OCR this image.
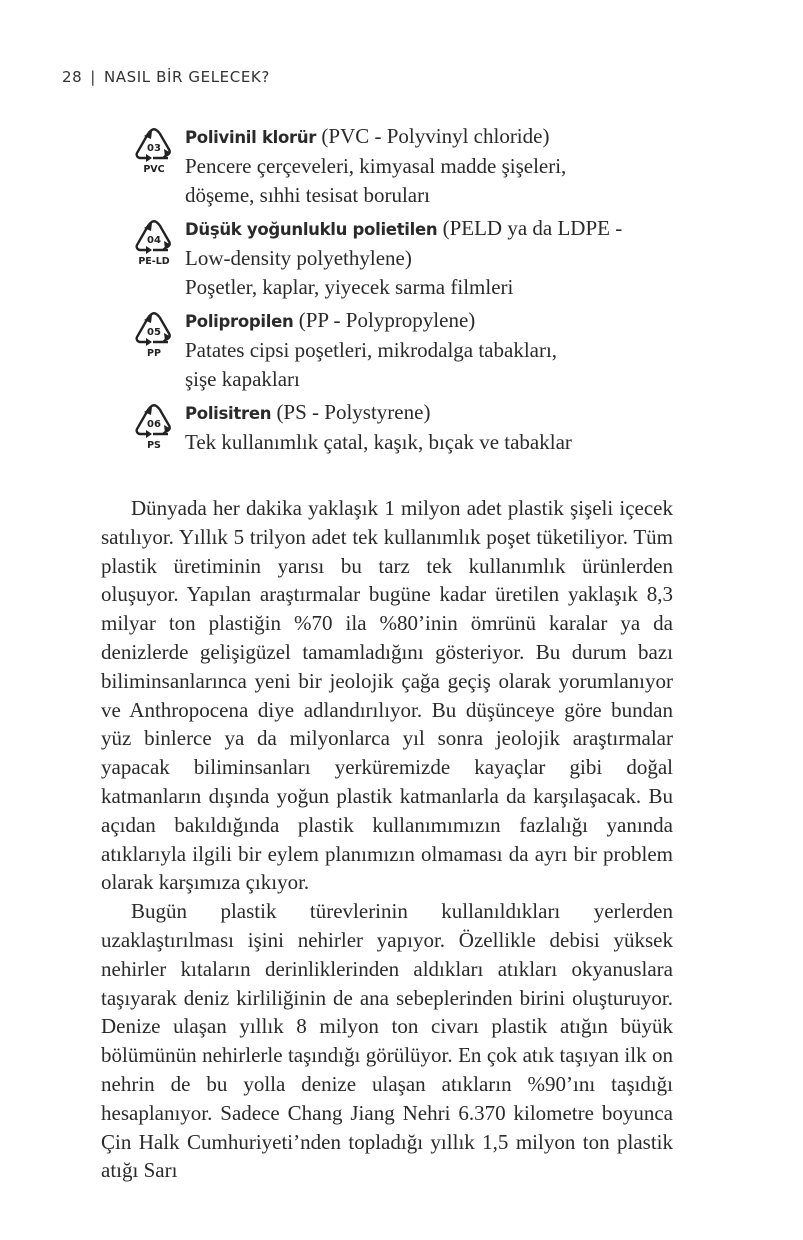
28 | NASIL BİR GELECEK?
03
PVC
Polivinil klorür (PVC - Polyvinyl chloride)
Pencere çerçeveleri, kimyasal madde şişeleri,
döşeme, sıhhi tesisat boruları
04
PE-LD
Düşük yoğunluklu polietilen (PELD ya da LDPE -
Low-density polyethylene)
Poşetler, kaplar, yiyecek sarma filmleri
05
PP
Polipropilen (PP - Polypropylene)
Patates cipsi poşetleri, mikrodalga tabakları,
şişe kapakları
06
PS
Polisitren (PS - Polystyrene)
Tek kullanımlık çatal, kaşık, bıçak ve tabaklar

Dünyada her dakika yaklaşık 1 milyon adet plastik şişeli içecek satılıyor. Yıllık 5 trilyon adet tek kullanımlık poşet tüketiliyor. Tüm plastik üretiminin yarısı bu tarz tek kullanımlık ürünlerden oluşuyor. Yapılan araştırmalar bugüne kadar üretilen yaklaşık 8,3 milyar ton plastiğin %70 ila %80’inin ömrünü karalar ya da denizlerde gelişigüzel tamamladığını gösteriyor. Bu durum bazı biliminsanlarınca yeni bir jeolojik çağa geçiş olarak yorumlanıyor ve Anthropocena diye adlandırılıyor. Bu düşünceye göre bundan yüz binlerce ya da milyonlarca yıl sonra jeolojik araştırmalar yapacak biliminsanları yerküremizde kayaçlar gibi doğal katmanların dışında yoğun plastik katmanlarla da karşılaşacak. Bu açıdan bakıldığında plastik kullanımımızın fazlalığı yanında atıklarıyla ilgili bir eylem planımızın olmaması da ayrı bir problem olarak karşımıza çıkıyor.

Bugün plastik türevlerinin kullanıldıkları yerlerden uzaklaştırılması işini nehirler yapıyor. Özellikle debisi yüksek nehirler kıtaların derinliklerinden aldıkları atıkları okyanuslara taşıyarak deniz kirliliğinin de ana sebeplerinden birini oluşturuyor. Denize ulaşan yıllık 8 milyon ton civarı plastik atığın büyük bölümünün nehirlerle taşındığı görülüyor. En çok atık taşıyan ilk on nehrin de bu yolla denize ulaşan atıkların %90’ını taşıdığı hesaplanıyor. Sadece Chang Jiang Nehri 6.370 kilometre boyunca Çin Halk Cumhuriyeti’nden topladığı yıllık 1,5 milyon ton plastik atığı Sarı
